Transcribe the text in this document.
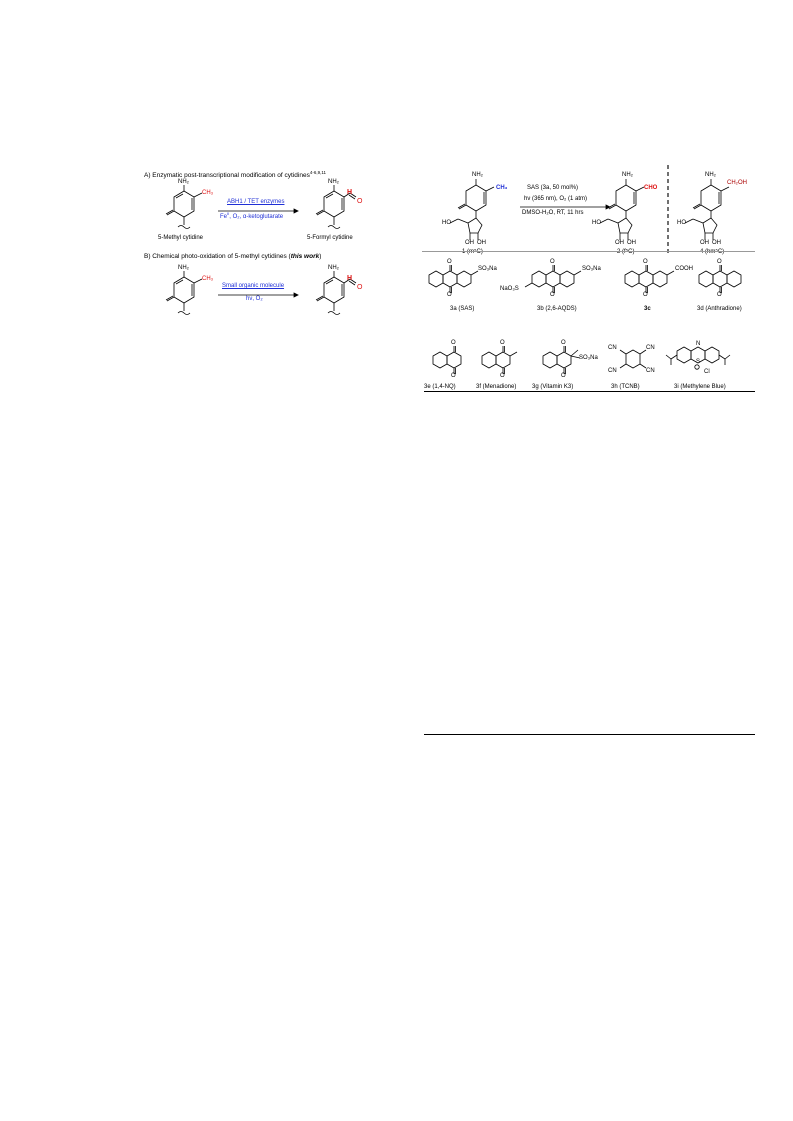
A) Enzymatic post-transcriptional modification of cytidines$^{4-6,9,11}$
NH₂
CH₃
5-Methyl cytidine
ABH1 / TET enzymes
$Fe^{II}$, O₂, α-ketoglutarate
NH₂
H
O
5-Formyl cytidine
B) Chemical photo-oxidation of 5-methyl cytidines (this work)
NH₂
CH₃
Small organic molecule
hν, O₂
NH₂
H
O
NH₂
CH₃
HO
OH OH
1 (m⁵C)
SAS (3a, 50 mol%)
hν (365 nm), O₂ (1 atm)
DMSO-H₂O, RT, 11 hrs
NH₂
CHO
HO
OH OH
2 (f⁵C)
NH₂
CH₂OH
HO
OH OH
4 (hm⁵C)
O
O
SO₃Na
3a (SAS)
O
O
SO₃Na
NaO₃S
3b (2,6-AQDS)
O
O
COOH
3c
O
O
3d (Anthradione)
O
O
3e (1,4-NQ)
O
O
3f (Menadione)
O
O
SO₃Na
3g (Vitamin K3)
CN	CN
CN	CN
3h (TCNB)
N
S
Cl
3i (Methylene Blue)
